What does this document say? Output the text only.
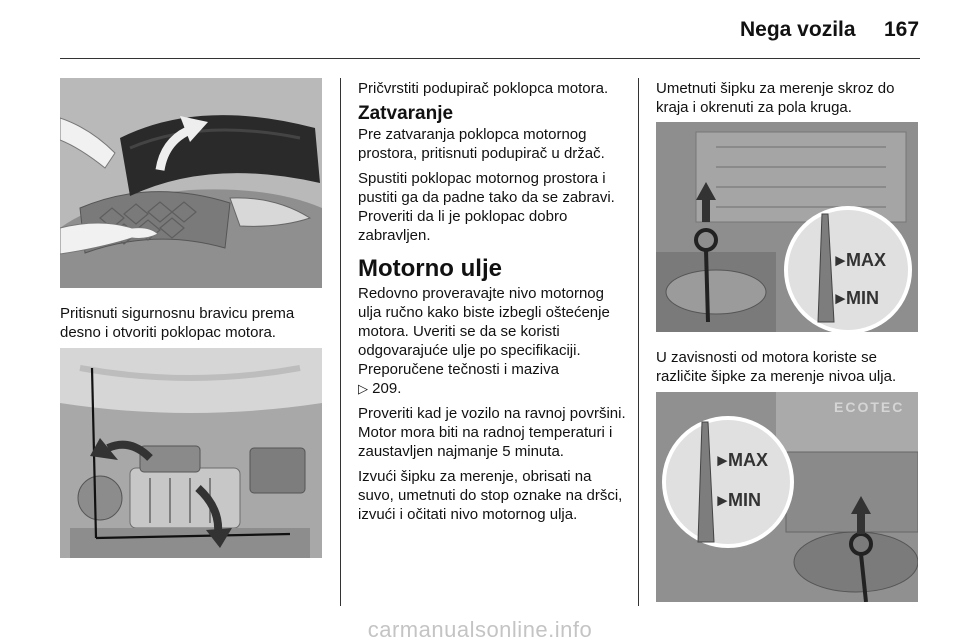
Nega vozila 167
Pritisnuti sigurnosnu bravicu prema desno i otvoriti poklopac motora.

Pričvrstiti podupirač poklopca motora.

Zatvaranje

Pre zatvaranja poklopca motornog prostora, pritisnuti podupirač u držač.

Spustiti poklopac motornog prostora i pustiti ga da padne tako da se zabravi. Proveriti da li je poklopac dobro zabravljen.

Motorno ulje

Redovno proveravajte nivo motornog ulja ručno kako biste izbegli oštećenje motora. Uveriti se da se koristi odgovarajuće ulje po specifikaciji. Preporučene tečnosti i maziva

▷ 209.

Proveriti kad je vozilo na ravnoj površini. Motor mora biti na radnoj temperaturi i zaustavljen najmanje 5 minuta.

Izvući šipku za merenje, obrisati na suvo, umetnuti do stop oznake na dršci, izvući i očitati nivo motornog ulja.

Umetnuti šipku za merenje skroz do kraja i okrenuti za pola kruga.
►
MAX
►
MIN
U zavisnosti od motora koriste se različite šipke za merenje nivoa ulja.
ECOTEC
►
MAX
►
MIN
carmanualsonline.info
